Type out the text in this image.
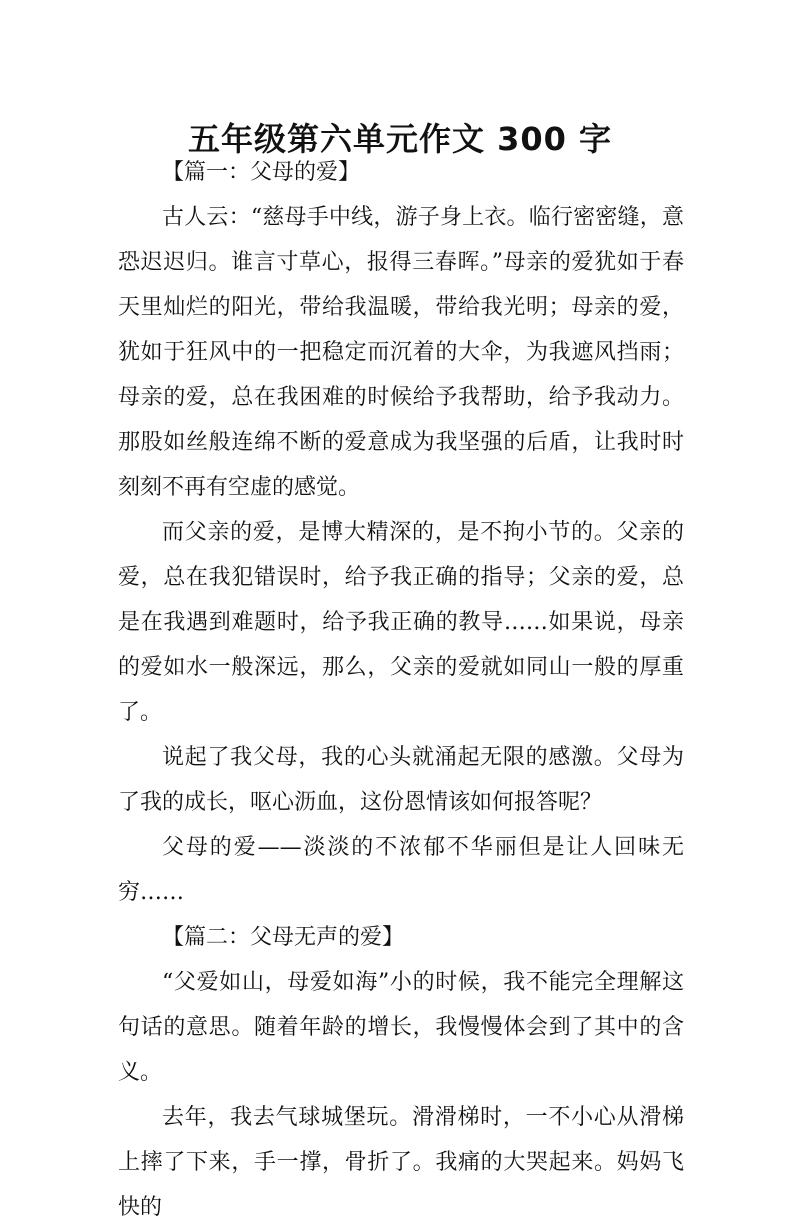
五年级第六单元作文 300 字

【篇一：父母的爱】

古人云：“慈母手中线，游子身上衣。临行密密缝，意恐迟迟归。谁言寸草心，报得三春晖。”母亲的爱犹如于春天里灿烂的阳光，带给我温暖，带给我光明；母亲的爱，犹如于狂风中的一把稳定而沉着的大伞，为我遮风挡雨；母亲的爱，总在我困难的时候给予我帮助，给予我动力。那股如丝般连绵不断的爱意成为我坚强的后盾，让我时时刻刻不再有空虚的感觉。

而父亲的爱，是博大精深的，是不拘小节的。父亲的爱，总在我犯错误时，给予我正确的指导；父亲的爱，总是在我遇到难题时，给予我正确的教导……如果说，母亲的爱如水一般深远，那么，父亲的爱就如同山一般的厚重了。

说起了我父母，我的心头就涌起无限的感激。父母为了我的成长，呕心沥血，这份恩情该如何报答呢？

父母的爱——淡淡的不浓郁不华丽但是让人回味无穷……

【篇二：父母无声的爱】

“父爱如山，母爱如海”小的时候，我不能完全理解这句话的意思。随着年龄的增长，我慢慢体会到了其中的含义。

去年，我去气球城堡玩。滑滑梯时，一不小心从滑梯上摔了下来，手一撑，骨折了。我痛的大哭起来。妈妈飞快的
